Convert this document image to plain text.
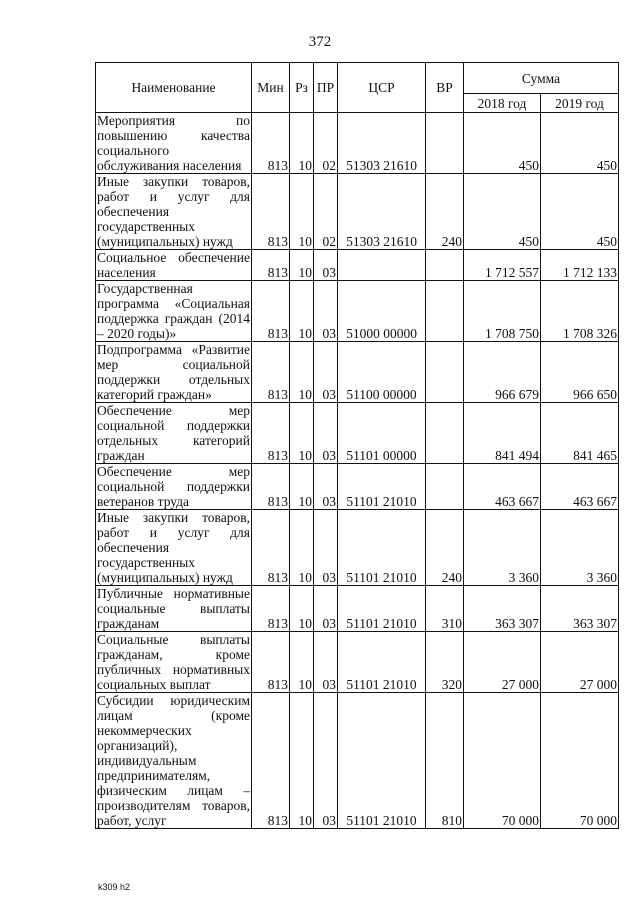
372
Наименование	Мин	Рз	ПР	ЦСР	ВР	Сумма	
						2018 год	2019 год
Мероприятия по повышению качества социального обслуживания населения	813	10	02	51303 21610		450	450
Иные закупки товаров, работ и услуг для обеспечения государственных (муниципальных) нужд	813	10	02	51303 21610	240	450	450
Социальное обеспечение населения	813	10	03			1 712 557	1 712 133
Государственная программа «Социальная поддержка граждан (2014 – 2020 годы)»	813	10	03	51000 00000		1 708 750	1 708 326
Подпрограмма «Развитие мер социальной поддержки отдельных категорий граждан»	813	10	03	51100 00000		966 679	966 650
Обеспечение мер социальной поддержки отдельных категорий граждан	813	10	03	51101 00000		841 494	841 465
Обеспечение мер социальной поддержки ветеранов труда	813	10	03	51101 21010		463 667	463 667
Иные закупки товаров, работ и услуг для обеспечения государственных (муниципальных) нужд	813	10	03	51101 21010	240	3 360	3 360
Публичные нормативные социальные выплаты гражданам	813	10	03	51101 21010	310	363 307	363 307
Социальные выплаты гражданам, кроме публичных нормативных социальных выплат	813	10	03	51101 21010	320	27 000	27 000
Субсидии юридическим лицам (кроме некоммерческих организаций), индивидуальным предпринимателям, физическим лицам – производителям товаров, работ, услуг	813	10	03	51101 21010	810	70 000	70 000
k309 h2
